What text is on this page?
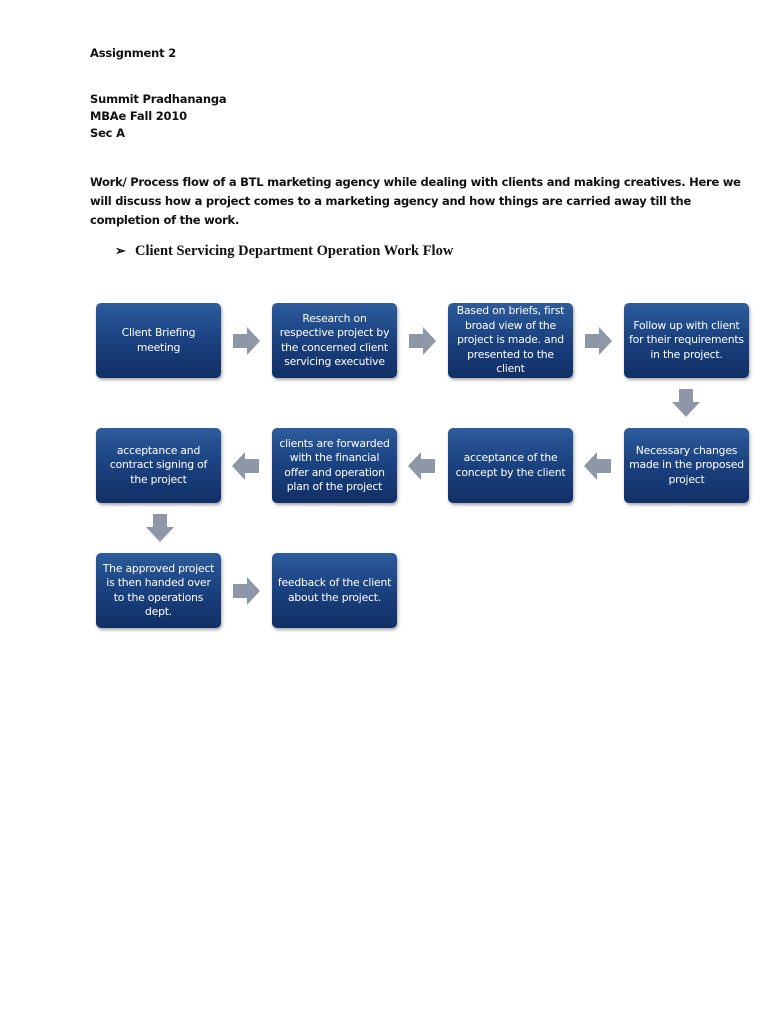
Assignment 2
Summit Pradhananga
MBAe Fall 2010
Sec A
Work/ Process flow of a BTL marketing agency while dealing with clients and making creatives. Here we
will discuss how a project comes to a marketing agency and how things are carried away till the
completion of the work.
➢ Client Servicing Department Operation Work Flow
Client Briefing meeting
Research on respective project by the concerned client servicing executive
Based on briefs, first broad view of the project is made. and presented to the client
Follow up with client for their requirements in the project.
Necessary changes made in the proposed project
acceptance of the concept by the client
clients are forwarded with the financial offer and operation plan of the project
acceptance and contract signing of the project
The approved project is then handed over to the operations dept.
feedback of the client about the project.
